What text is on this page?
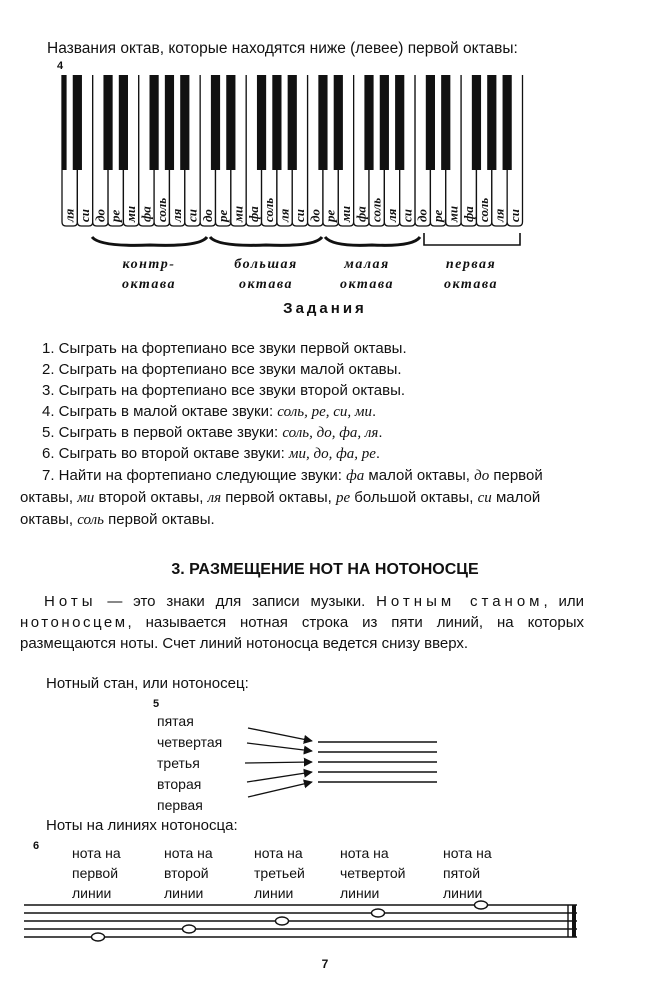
Названия октав, которые находятся ниже (левее) первой октавы:
4
ля си до ре ми фа соль ля си до ре ми фа соль ля си до ре ми фа соль ля си до ре ми фа соль ля си
контр-
октава
большая
октава
малая
октава
первая
октава
Задания
1. Сыграть на фортепиано все звуки первой октавы.
2. Сыграть на фортепиано все звуки малой октавы.
3. Сыграть на фортепиано все звуки второй октавы.
4. Сыграть в малой октаве звуки: соль, ре, си, ми.
5. Сыграть в первой октаве звуки: соль, до, фа, ля.
6. Сыграть во второй октаве звуки: ми, до, фа, ре.
7. Найти на фортепиано следующие звуки: фа малой октавы, до первой октавы, ми второй октавы, ля первой октавы, ре большой октавы, си малой октавы, соль первой октавы.
3. РАЗМЕЩЕНИЕ НОТ НА НОТОНОСЦЕ
Ноты — это знаки для записи музыки. Нотным станом, или нотоносцем, называется нотная строка из пяти линий, на которых размещаются ноты. Счет линий нотоносца ведется снизу вверх.
Нотный стан, или нотоносец:
5
пятая
четвертая
третья
вторая
первая
Ноты на линиях нотоносца:
6 нота на
первой
линии
нота на
второй
линии
нота на
третьей
линии
нота на
четвертой
линии
нота на
пятой
линии
7
